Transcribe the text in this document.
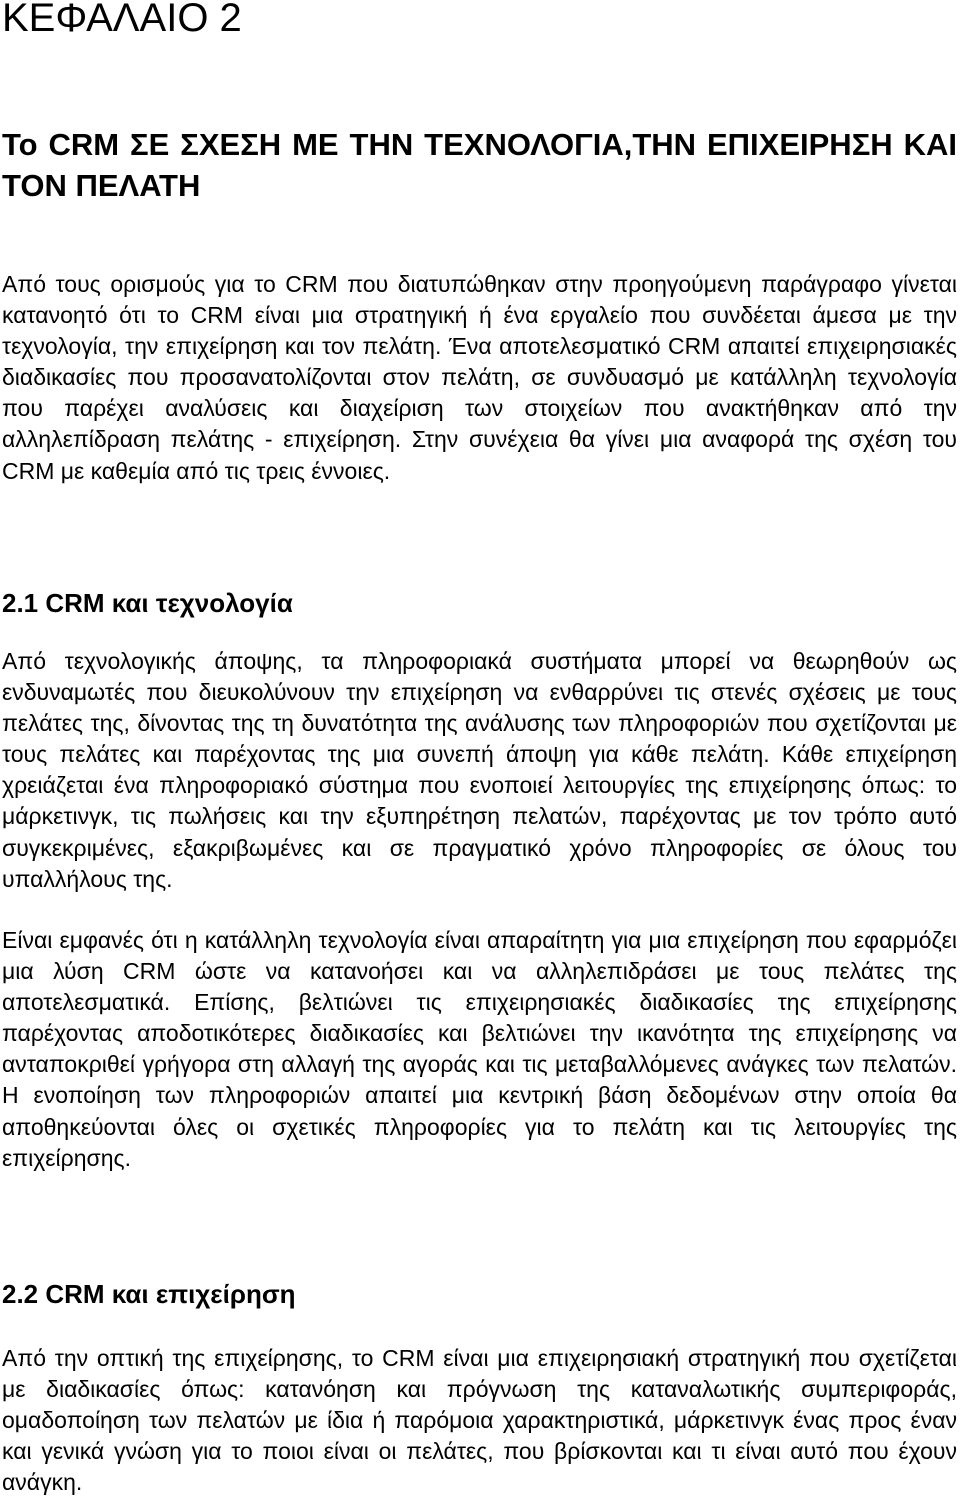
ΚΕΦΑΛΑΙΟ 2
Το CRM ΣΕ ΣΧΕΣΗ ΜΕ ΤΗΝ ΤΕΧΝΟΛΟΓΙΑ,ΤΗΝ ΕΠΙΧΕΙΡΗΣΗ ΚΑΙ ΤΟΝ ΠΕΛΑΤΗ

Από τους ορισμούς για το CRM που διατυπώθηκαν στην προηγούμενη παράγραφο γίνεται κατανοητό ότι το CRM είναι μια στρατηγική ή ένα εργαλείο που συνδέεται άμεσα με την τεχνολογία, την επιχείρηση και τον πελάτη. Ένα αποτελεσματικό CRM απαιτεί επιχειρησιακές διαδικασίες που προσανατολίζονται στον πελάτη, σε συνδυασμό με κατάλληλη τεχνολογία που παρέχει αναλύσεις και διαχείριση των στοιχείων που ανακτήθηκαν από την αλληλεπίδραση πελάτης - επιχείρηση. Στην συνέχεια θα γίνει μια αναφορά της σχέση του CRM με καθεμία από τις τρεις έννοιες.

2.1 CRM και τεχνολογία

Από τεχνολογικής άποψης, τα πληροφοριακά συστήματα μπορεί να θεωρηθούν ως ενδυναμωτές που διευκολύνουν την επιχείρηση να ενθαρρύνει τις στενές σχέσεις με τους πελάτες της, δίνοντας της τη δυνατότητα της ανάλυσης των πληροφοριών που σχετίζονται με τους πελάτες και παρέχοντας της μια συνεπή άποψη για κάθε πελάτη. Κάθε επιχείρηση χρειάζεται ένα πληροφοριακό σύστημα που ενοποιεί λειτουργίες της επιχείρησης όπως: το μάρκετινγκ, τις πωλήσεις και την εξυπηρέτηση πελατών, παρέχοντας με τον τρόπο αυτό συγκεκριμένες, εξακριβωμένες και σε πραγματικό χρόνο πληροφορίες σε όλους του υπαλλήλους της.

Είναι εμφανές ότι η κατάλληλη τεχνολογία είναι απαραίτητη για μια επιχείρηση που εφαρμόζει μια λύση CRM ώστε να κατανοήσει και να αλληλεπιδράσει με τους πελάτες της αποτελεσματικά. Επίσης, βελτιώνει τις επιχειρησιακές διαδικασίες της επιχείρησης παρέχοντας αποδοτικότερες διαδικασίες και βελτιώνει την ικανότητα της επιχείρησης να ανταποκριθεί γρήγορα στη αλλαγή της αγοράς και τις μεταβαλλόμενες ανάγκες των πελατών. Η ενοποίηση των πληροφοριών απαιτεί μια κεντρική βάση δεδομένων στην οποία θα αποθηκεύονται όλες οι σχετικές πληροφορίες για το πελάτη και τις λειτουργίες της επιχείρησης.

2.2 CRM και επιχείρηση

Από την οπτική της επιχείρησης, το CRM είναι μια επιχειρησιακή στρατηγική που σχετίζεται με διαδικασίες όπως: κατανόηση και πρόγνωση της καταναλωτικής συμπεριφοράς, ομαδοποίηση των πελατών με ίδια ή παρόμοια χαρακτηριστικά, μάρκετινγκ ένας προς έναν και γενικά γνώση για το ποιοι είναι οι πελάτες, που βρίσκονται και τι είναι αυτό που έχουν ανάγκη.
